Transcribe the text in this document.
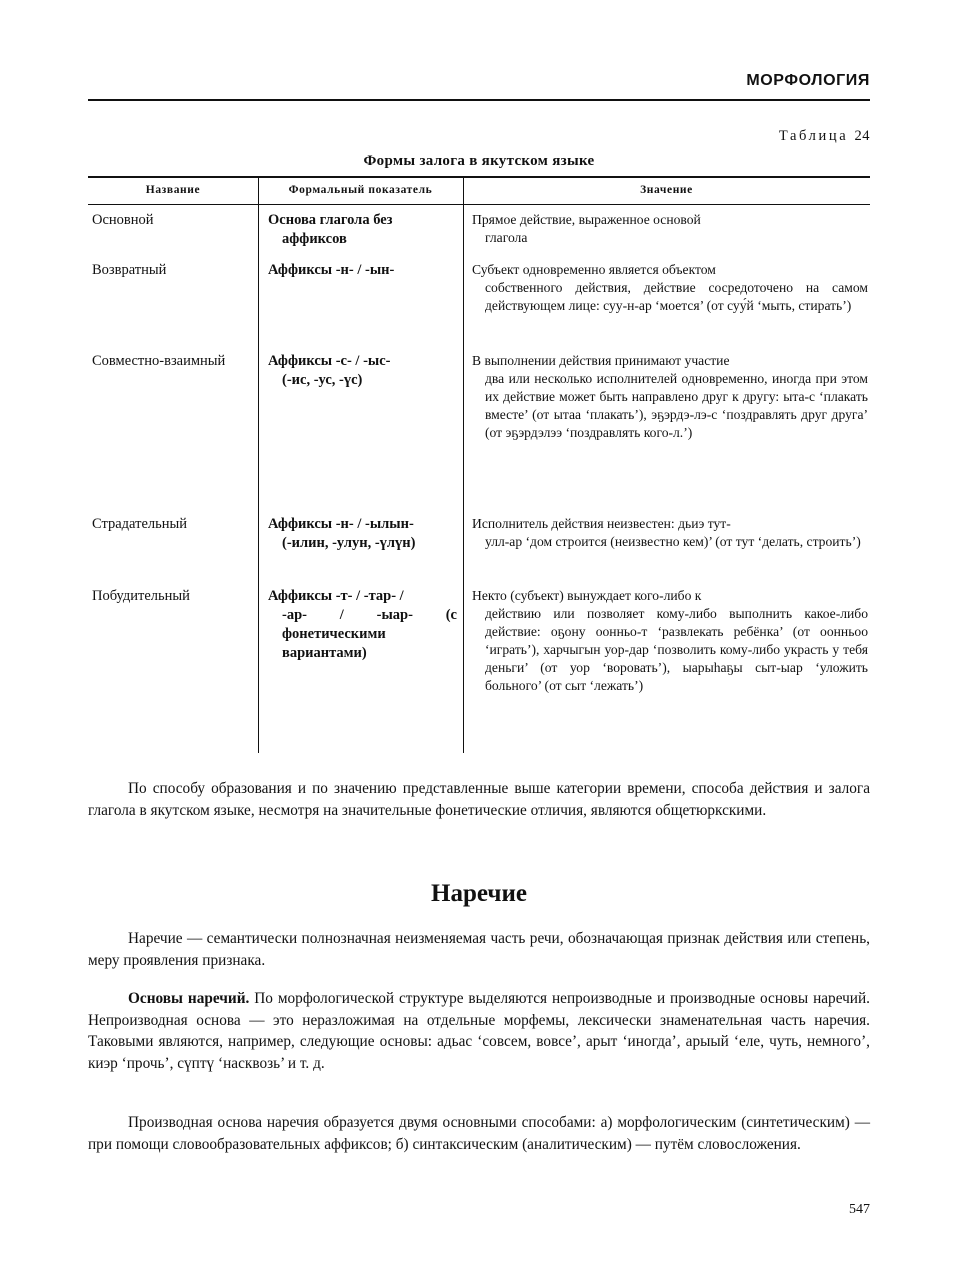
МОРФОЛОГИЯ
Таблица 24
Формы залога в якутском языке
Название	Формальный показатель	Значение
Основной
Возвратный
Совместно-взаимный
Страдательный
Побудительный
Основа глагола без
аффиксов
Аффиксы -н- / -ын-
Аффиксы -с- / -ыс-
(-ис, -ус, -үс)
Аффиксы -н- / -ылын-
(-илин, -улун, -үлүн)
Аффиксы -т- / -тар- /
-ар- / -ыар- (с фонетическими вариантами)
Прямое действие, выраженное основой
глагола
Субъект одновременно является объектом
собственного действия, действие сосредоточено на самом действующем лице: суу-н-ар ‘моется’ (от суу́й ‘мыть, стирать’)
В выполнении действия принимают участие
два или несколько исполнителей одновременно, иногда при этом их действие может быть направлено друг к другу: ыта-с ‘плакать вместе’ (от ытаа ‘плакать’), эҕэрдэ-лэ-с ‘поздравлять друг друга’ (от эҕэрдэлээ ‘поздравлять кого-л.’)
Исполнитель действия неизвестен: дьиэ тут-
улл-ар ‘дом строится (неизвестно кем)’ (от тут ‘делать, строить’)
Некто (субъект) вынуждает кого-либо к
действию или позволяет кому-либо выполнить какое-либо действие: оҕону оонньо-т ‘развлекать ребёнка’ (от оонньоо ‘играть’), харчыгын уор-дар ‘позволить кому-либо украсть у тебя деньги’ (от уор ‘воровать’), ыарыһаҕы сыт-ыар ‘уложить больного’ (от сыт ‘лежать’)
По способу образования и по значению представленные выше категории времени, способа действия и залога глагола в якутском языке, несмотря на значительные фонетические отличия, являются общетюркскими.
Наречие
Наречие — семантически полнозначная неизменяемая часть речи, обозначающая признак действия или степень, меру проявления признака.
Основы наречий. По морфологической структуре выделяются непроизводные и производные основы наречий. Непроизводная основа — это неразложимая на отдельные морфемы, лексически знаменательная часть наречия. Таковыми являются, например, следующие основы: адьас ‘совсем, вовсе’, арыт ‘иногда’, арыый ‘еле, чуть, немного’, киэр ‘прочь’, сүптү ‘насквозь’ и т. д.
Производная основа наречия образуется двумя основными способами: а) морфологическим (синтетическим) — при помощи словообразовательных аффиксов; б) синтаксическим (аналитическим) — путём словосложения.
547
